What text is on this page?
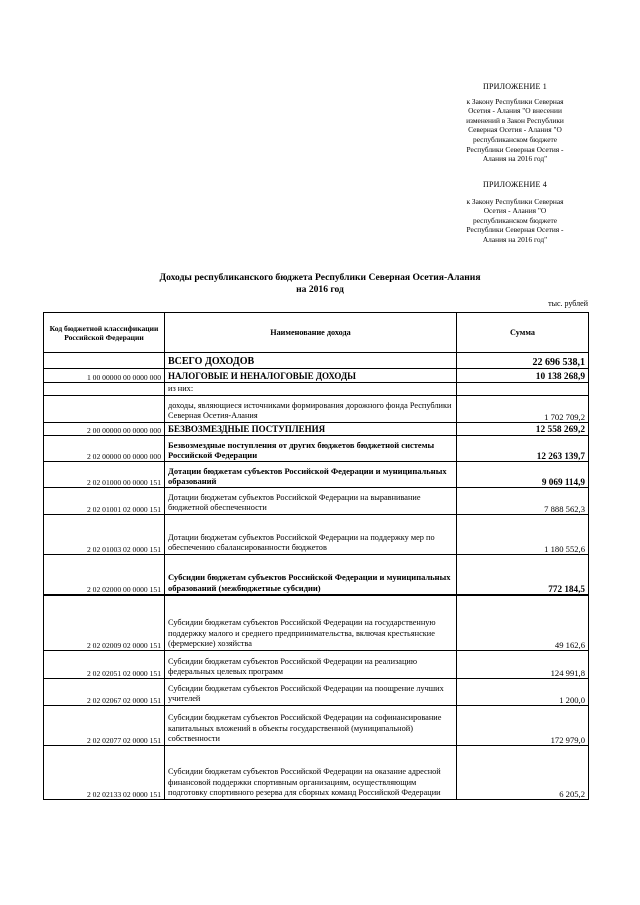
ПРИЛОЖЕНИЕ 1
к Закону Республики Северная
Осетия - Алания "О внесении
изменений в Закон Республики
Северная Осетия - Алания "О
республиканском бюджете
Республики Северная Осетия -
Алания на 2016 год"
ПРИЛОЖЕНИЕ 4
к Закону Республики Северная
Осетия - Алания "О
республиканском бюджете
Республики Северная Осетия -
Алания на 2016 год"
Доходы республиканского бюджета Республики Северная Осетия-Алания
на 2016 год
тыс. рублей
Код бюджетной классификации Российской Федерации	Наименование дохода	Сумма
	ВСЕГО ДОХОДОВ	22 696 538,1
1 00 00000 00 0000 000	НАЛОГОВЫЕ И НЕНАЛОГОВЫЕ ДОХОДЫ	10 138 268,9
	из них:	
	доходы, являющиеся источниками формирования дорожного фонда Республики Северная Осетия-Алания	1 702 709,2
2 00 00000 00 0000 000	БЕЗВОЗМЕЗДНЫЕ ПОСТУПЛЕНИЯ	12 558 269,2
2 02 00000 00 0000 000	Безвозмездные поступления от других бюджетов бюджетной системы Российской Федерации	12 263 139,7
2 02 01000 00 0000 151	Дотации бюджетам субъектов Российской Федерации и муниципальных образований	9 069 114,9
2 02 01001 02 0000 151	Дотации бюджетам субъектов Российской Федерации на выравнивание бюджетной обеспеченности	7 888 562,3
2 02 01003 02 0000 151	Дотации бюджетам субъектов Российской Федерации на поддержку мер по обеспечению сбалансированности бюджетов	1 180 552,6
2 02 02000 00 0000 151	Субсидии бюджетам субъектов Российской Федерации и муниципальных образований (межбюджетные субсидии)	772 184,5
2 02 02009 02 0000 151	Субсидии бюджетам субъектов Российской Федерации на государственную поддержку малого и среднего предпринимательства, включая крестьянские (фермерские) хозяйства	49 162,6
2 02 02051 02 0000 151	Субсидии бюджетам субъектов Российской Федерации на реализацию федеральных целевых программ	124 991,8
2 02 02067 02 0000 151	Субсидии бюджетам субъектов Российской Федерации на поощрение лучших учителей	1 200,0
2 02 02077 02 0000 151	Субсидии бюджетам субъектов Российской Федерации на софинансирование капитальных вложений в объекты государственной (муниципальной) собственности	172 979,0
2 02 02133 02 0000 151	Субсидии бюджетам субъектов Российской Федерации на оказание адресной финансовой поддержки спортивным организациям, осуществляющим подготовку спортивного резерва для сборных команд Российской Федерации	6 205,2
